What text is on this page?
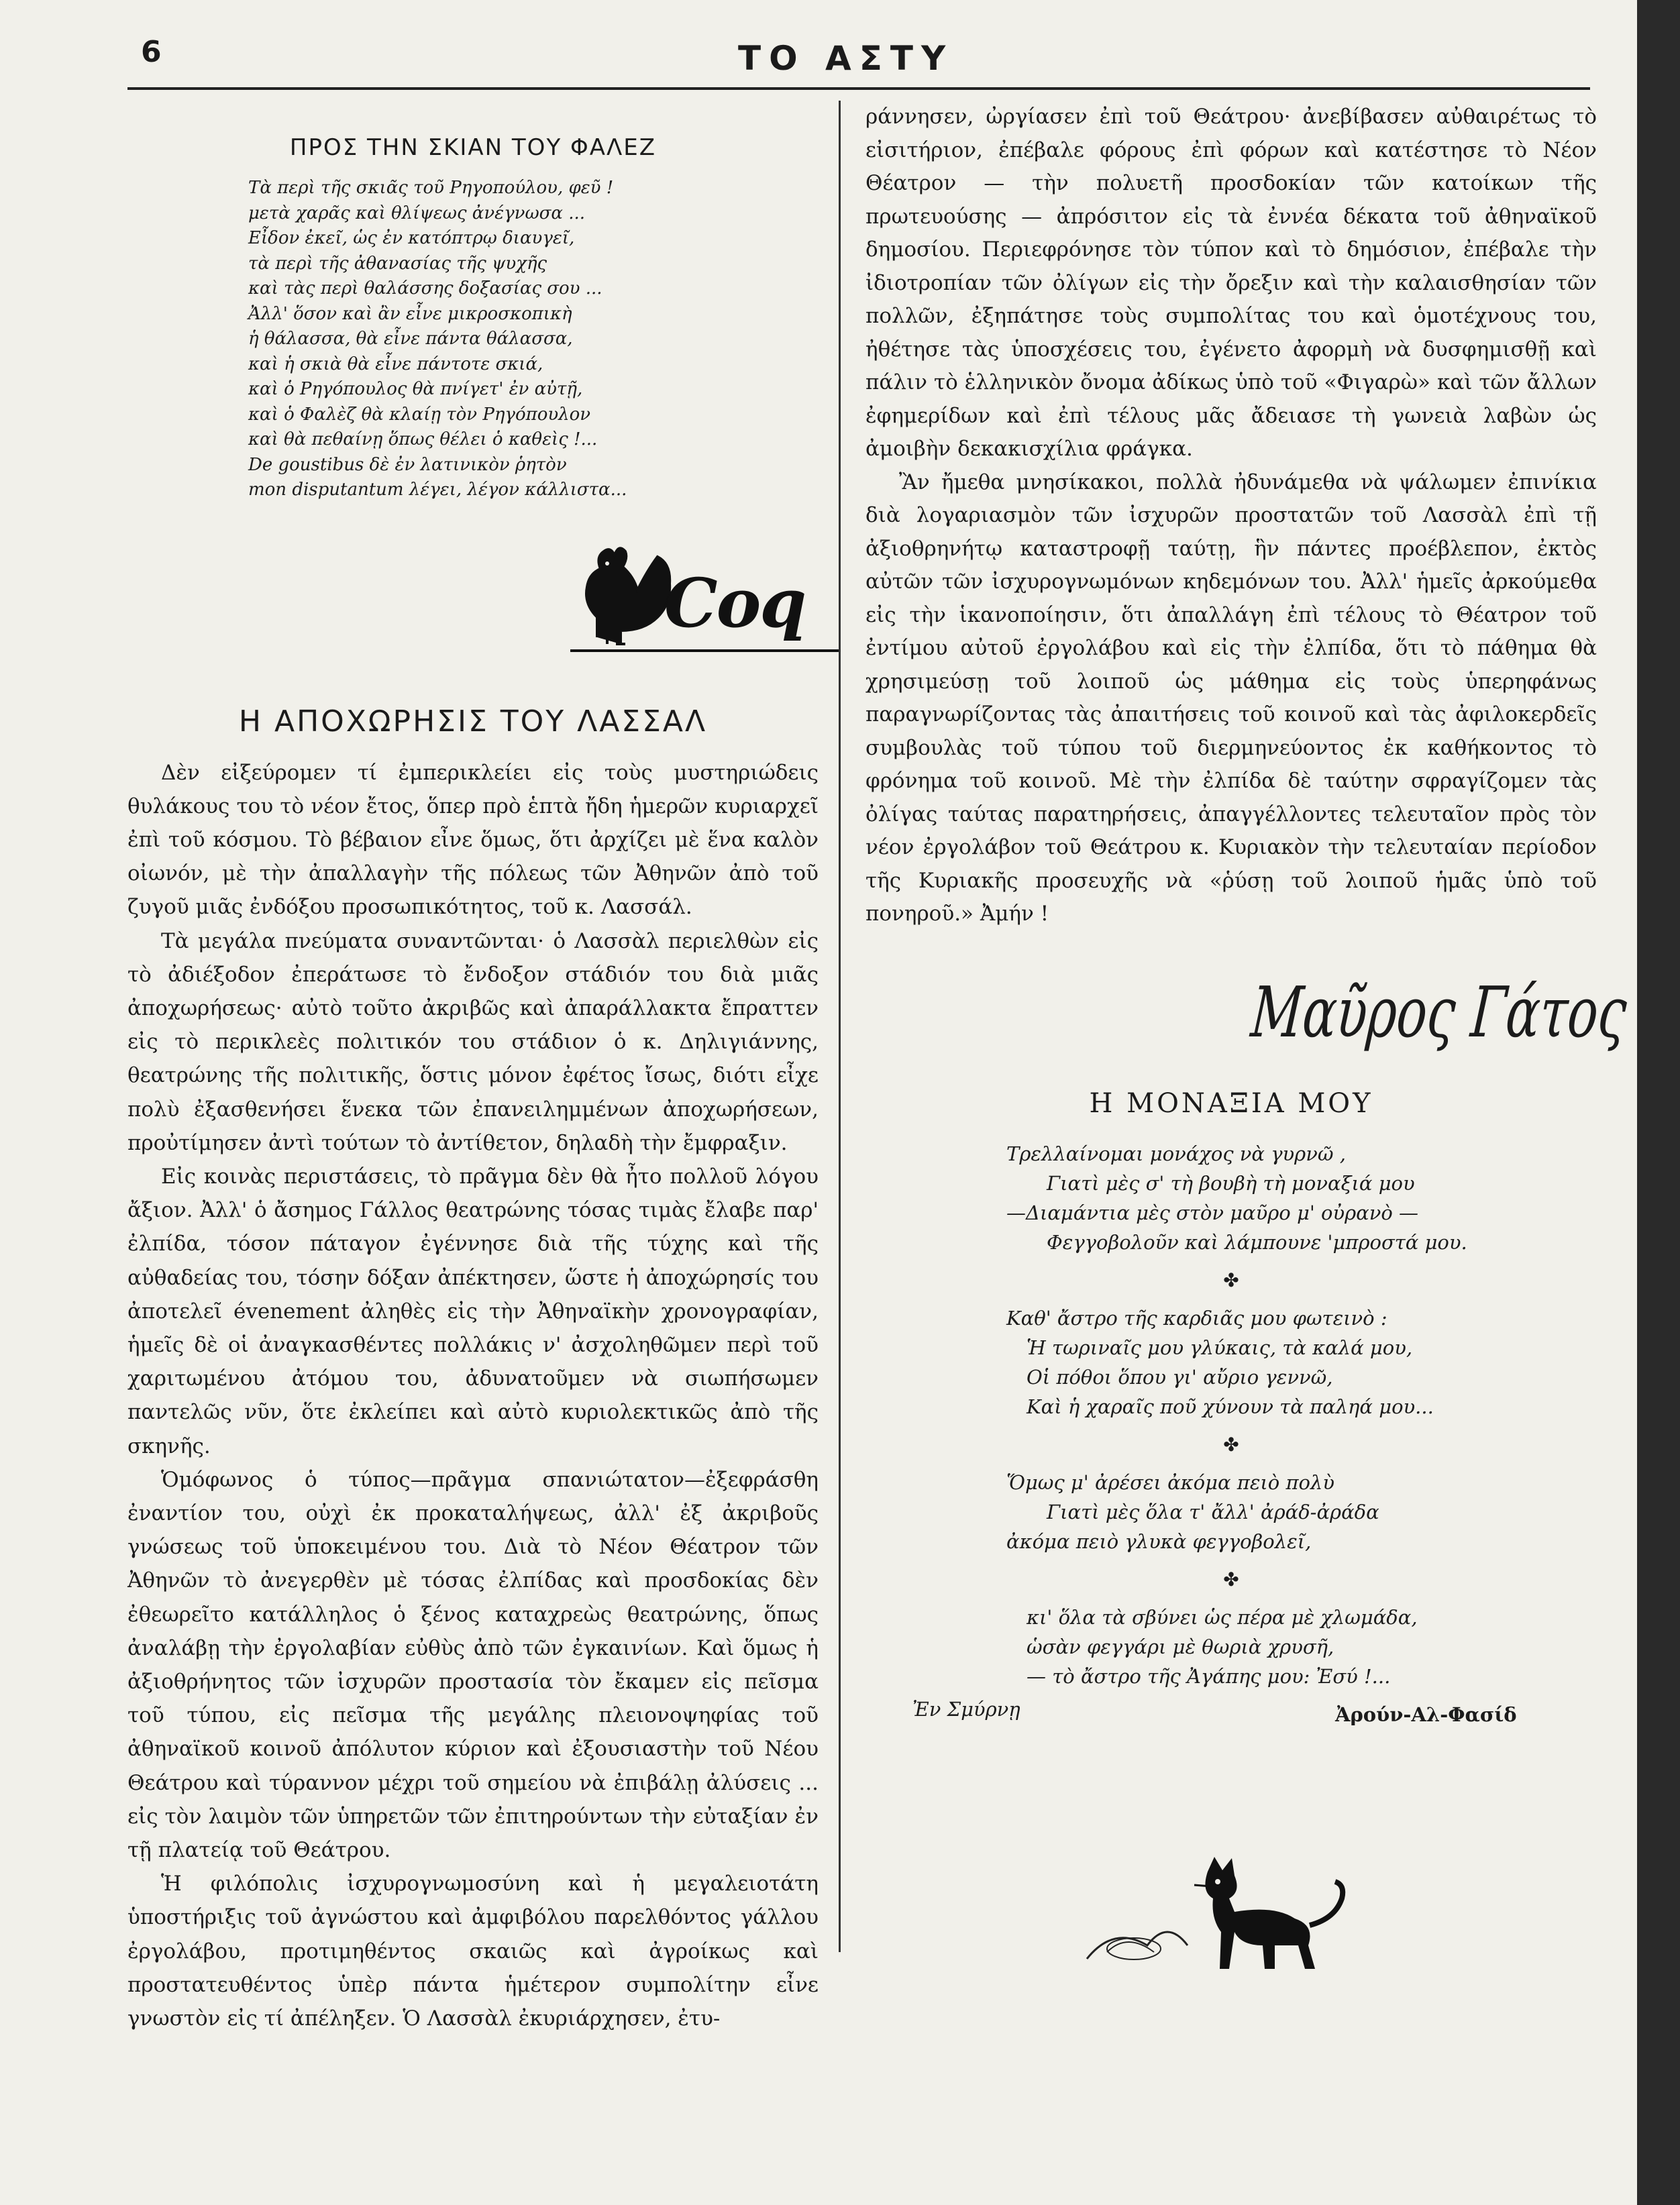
6	ΤΟ ΑΣΤΥ
ΠΡΟΣ ΤΗΝ ΣΚΙΑΝ ΤΟΥ ΦΑΛΕΖ

Τὰ περὶ τῆς σκιᾶς τοῦ Ρηγοπούλου, φεῦ !

μετὰ χαρᾶς καὶ θλίψεως ἀνέγνωσα ...

Εἶδον ἐκεῖ, ὡς ἐν κατόπτρῳ διαυγεῖ,

τὰ περὶ τῆς ἀθανασίας τῆς ψυχῆς

καὶ τὰς περὶ θαλάσσης δοξασίας σου ...

Ἀλλ' ὅσον καὶ ἂν εἶνε μικροσκοπικὴ

ἡ θάλασσα, θὰ εἶνε πάντα θάλασσα,

καὶ ἡ σκιὰ θὰ εἶνε πάντοτε σκιά,

καὶ ὁ Ρηγόπουλος θὰ πνίγετ' ἐν αὐτῇ,

καὶ ὁ Φαλὲζ θὰ κλαίῃ τὸν Ρηγόπουλον

καὶ θὰ πεθαίνῃ ὅπως θέλει ὁ καθεὶς !...

De goustibus δὲ ἐν λατινικὸν ῥητὸν

mon disputantum λέγει, λέγον κάλλιστα...

Coq
Η ΑΠΟΧΩΡΗΣΙΣ ΤΟΥ ΛΑΣΣΑΛ

Δὲν εἰξεύρομεν τί ἐμπερικλείει εἰς τοὺς μυστηριώδεις θυλάκους του τὸ νέον ἔτος, ὅπερ πρὸ ἑπτὰ ἤδη ἡμερῶν κυριαρχεῖ ἐπὶ τοῦ κόσμου. Τὸ βέβαιον εἶνε ὅμως, ὅτι ἀρχίζει μὲ ἕνα καλὸν οἰωνόν, μὲ τὴν ἀπαλλαγὴν τῆς πόλεως τῶν Ἀθηνῶν ἀπὸ τοῦ ζυγοῦ μιᾶς ἐνδόξου προσωπικότητος, τοῦ κ. Λασσάλ.

Τὰ μεγάλα πνεύματα συναντῶνται· ὁ Λασσὰλ περιελθὼν εἰς τὸ ἀδιέξοδον ἐπεράτωσε τὸ ἔνδοξον στάδιόν του διὰ μιᾶς ἀποχωρήσεως· αὐτὸ τοῦτο ἀκριβῶς καὶ ἀπαράλλακτα ἔπραττεν εἰς τὸ περικλεὲς πολιτικόν του στάδιον ὁ κ. Δηλιγιάννης, θεατρώνης τῆς πολιτικῆς, ὅστις μόνον ἐφέτος ἴσως, διότι εἶχε πολὺ ἐξασθενήσει ἕνεκα τῶν ἐπανειλημμένων ἀποχωρήσεων, προὐτίμησεν ἀντὶ τούτων τὸ ἀντίθετον, δηλαδὴ τὴν ἔμφραξιν.

Εἰς κοινὰς περιστάσεις, τὸ πρᾶγμα δὲν θὰ ἦτο πολλοῦ λόγου ἄξιον. Ἀλλ' ὁ ἄσημος Γάλλος θεατρώνης τόσας τιμὰς ἔλαβε παρ' ἐλπίδα, τόσον πάταγον ἐγέννησε διὰ τῆς τύχης καὶ τῆς αὐθαδείας του, τόσην δόξαν ἀπέκτησεν, ὥστε ἡ ἀποχώρησίς του ἀποτελεῖ évenement ἀληθὲς εἰς τὴν Ἀθηναϊκὴν χρονογραφίαν, ἡμεῖς δὲ οἱ ἀναγκασθέντες πολλάκις ν' ἀσχοληθῶμεν περὶ τοῦ χαριτωμένου ἀτόμου του, ἀδυνατοῦμεν νὰ σιωπήσωμεν παντελῶς νῦν, ὅτε ἐκλείπει καὶ αὐτὸ κυριολεκτικῶς ἀπὸ τῆς σκηνῆς.

Ὁμόφωνος ὁ τύπος—πρᾶγμα σπανιώτατον—ἐξεφράσθη ἐναντίον του, οὐχὶ ἐκ προκαταλήψεως, ἀλλ' ἐξ ἀκριβοῦς γνώσεως τοῦ ὑποκειμένου του. Διὰ τὸ Νέον Θέατρον τῶν Ἀθηνῶν τὸ ἀνεγερθὲν μὲ τόσας ἐλπίδας καὶ προσδοκίας δὲν ἐθεωρεῖτο κατάλληλος ὁ ξένος καταχρεὼς θεατρώνης, ὅπως ἀναλάβῃ τὴν ἐργολαβίαν εὐθὺς ἀπὸ τῶν ἐγκαινίων. Καὶ ὅμως ἡ ἀξιοθρήνητος τῶν ἰσχυρῶν προστασία τὸν ἔκαμεν εἰς πεῖσμα τοῦ τύπου, εἰς πεῖσμα τῆς μεγάλης πλειονοψηφίας τοῦ ἀθηναϊκοῦ κοινοῦ ἀπόλυτον κύριον καὶ ἐξουσιαστὴν τοῦ Νέου Θεάτρου καὶ τύραννον μέχρι τοῦ σημείου νὰ ἐπιβάλῃ ἀλύσεις ... εἰς τὸν λαιμὸν τῶν ὑπηρετῶν τῶν ἐπιτηρούντων τὴν εὐταξίαν ἐν τῇ πλατείᾳ τοῦ Θεάτρου.

Ἡ φιλόπολις ἰσχυρογνωμοσύνη καὶ ἡ μεγαλειοτάτη ὑποστήριξις τοῦ ἀγνώστου καὶ ἀμφιβόλου παρελθόντος γάλλου ἐργολάβου, προτιμηθέντος σκαιῶς καὶ ἀγροίκως καὶ προστατευθέντος ὑπὲρ πάντα ἡμέτερον συμπολίτην εἶνε γνωστὸν εἰς τί ἀπέληξεν. Ὁ Λασσὰλ ἐκυριάρχησεν, ἐτυ-

ράννησεν, ὠργίασεν ἐπὶ τοῦ Θεάτρου· ἀνεβίβασεν αὐθαιρέτως τὸ εἰσιτήριον, ἐπέβαλε φόρους ἐπὶ φόρων καὶ κατέστησε τὸ Νέον Θέατρον — τὴν πολυετῆ προσδοκίαν τῶν κατοίκων τῆς πρωτευούσης — ἀπρόσιτον εἰς τὰ ἐννέα δέκατα τοῦ ἀθηναϊκοῦ δημοσίου. Περιεφρόνησε τὸν τύπον καὶ τὸ δημόσιον, ἐπέβαλε τὴν ἰδιοτροπίαν τῶν ὀλίγων εἰς τὴν ὄρεξιν καὶ τὴν καλαισθησίαν τῶν πολλῶν, ἐξηπάτησε τοὺς συμπολίτας του καὶ ὁμοτέχνους του, ἠθέτησε τὰς ὑποσχέσεις του, ἐγένετο ἀφορμὴ νὰ δυσφημισθῇ καὶ πάλιν τὸ ἑλληνικὸν ὄνομα ἀδίκως ὑπὸ τοῦ «Φιγαρὼ» καὶ τῶν ἄλλων ἐφημερίδων καὶ ἐπὶ τέλους μᾶς ἄδειασε τὴ γωνειὰ λαβὼν ὡς ἀμοιβὴν δεκακισχίλια φράγκα.

Ἂν ἤμεθα μνησίκακοι, πολλὰ ἠδυνάμεθα νὰ ψάλωμεν ἐπινίκια διὰ λογαριασμὸν τῶν ἰσχυρῶν προστατῶν τοῦ Λασσὰλ ἐπὶ τῇ ἀξιοθρηνήτῳ καταστροφῇ ταύτῃ, ἣν πάντες προέβλεπον, ἐκτὸς αὐτῶν τῶν ἰσχυρογνωμόνων κηδεμόνων του. Ἀλλ' ἡμεῖς ἀρκούμεθα εἰς τὴν ἱκανοποίησιν, ὅτι ἀπαλλάγη ἐπὶ τέλους τὸ Θέατρον τοῦ ἐντίμου αὐτοῦ ἐργολάβου καὶ εἰς τὴν ἐλπίδα, ὅτι τὸ πάθημα θὰ χρησιμεύσῃ τοῦ λοιποῦ ὡς μάθημα εἰς τοὺς ὑπερηφάνως παραγνωρίζοντας τὰς ἀπαιτήσεις τοῦ κοινοῦ καὶ τὰς ἀφιλοκερδεῖς συμβουλὰς τοῦ τύπου τοῦ διερμηνεύοντος ἐκ καθήκοντος τὸ φρόνημα τοῦ κοινοῦ. Μὲ τὴν ἐλπίδα δὲ ταύτην σφραγίζομεν τὰς ὀλίγας ταύτας παρατηρήσεις, ἀπαγγέλλοντες τελευταῖον πρὸς τὸν νέον ἐργολάβον τοῦ Θεάτρου κ. Κυριακὸν τὴν τελευταίαν περίοδον τῆς Κυριακῆς προσευχῆς νὰ «ῥύσῃ τοῦ λοιποῦ ἡμᾶς ὑπὸ τοῦ πονηροῦ.» Ἀμήν !

Μαῦρος Γάτος
Η ΜΟΝΑΞΙΑ ΜΟΥ

Τρελλαίνομαι μονάχος νὰ γυρνῶ ,

Γιατὶ μὲς σ' τὴ βουβὴ τὴ μοναξιά μου

—Διαμάντια μὲς στὸν μαῦρο μ' οὐρανὸ —

Φεγγοβολοῦν καὶ λάμπουνε 'μπροστά μου.

✤

Καθ' ἄστρο τῆς καρδιᾶς μου φωτεινὸ :

Ἡ τωριναῖς μου γλύκαις, τὰ καλά μου,

Οἱ πόθοι ὅπου γι' αὔριο γεννῶ,

Καὶ ἡ χαραῖς ποῦ χύνουν τὰ παληά μου...

✤

Ὅμως μ' ἀρέσει ἀκόμα πειὸ πολὺ

Γιατὶ μὲς ὅλα τ' ἄλλ' ἀράδ-ἀράδα

ἀκόμα πειὸ γλυκὰ φεγγοβολεῖ,

✤

κι' ὅλα τὰ σβύνει ὡς πέρα μὲ χλωμάδα,

ὡσὰν φεγγάρι μὲ θωριὰ χρυσῆ,

— τὸ ἄστρο τῆς Ἀγάπης μου: Ἐσύ !...

Ἐν Σμύρνῃ	Ἀρούν-Αλ-Φασίδ
